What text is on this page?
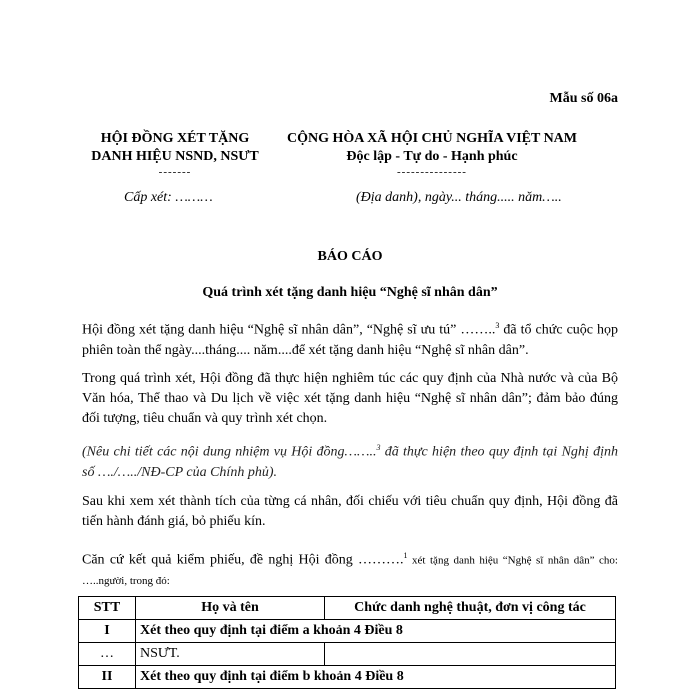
Mẫu số 06a
HỘI ĐỒNG XÉT TẶNG
DANH HIỆU NSND, NSƯT
-------
CỘNG HÒA XÃ HỘI CHỦ NGHĨA VIỆT NAM
Độc lập - Tự do - Hạnh phúc
---------------
Cấp xét: ………	(Địa danh), ngày... tháng..... năm…..
BÁO CÁO
Quá trình xét tặng danh hiệu “Nghệ sĩ nhân dân”
Hội đồng xét tặng danh hiệu “Nghệ sĩ nhân dân”, “Nghệ sĩ ưu tú” ……..$^3$ đã tổ chức cuộc họp phiên toàn thể ngày....tháng.... năm....để xét tặng danh hiệu “Nghệ sĩ nhân dân”.
Trong quá trình xét, Hội đồng đã thực hiện nghiêm túc các quy định của Nhà nước và của Bộ Văn hóa, Thể thao và Du lịch về việc xét tặng danh hiệu “Nghệ sĩ nhân dân”; đảm bảo đúng đối tượng, tiêu chuẩn và quy trình xét chọn.
(Nêu chi tiết các nội dung nhiệm vụ Hội đồng……..$^3$ đã thực hiện theo quy định tại Nghị định số …./…../NĐ-CP của Chính phủ).
Sau khi xem xét thành tích của từng cá nhân, đối chiếu với tiêu chuẩn quy định, Hội đồng đã tiến hành đánh giá, bỏ phiếu kín.
Căn cứ kết quả kiểm phiếu, đề nghị Hội đồng ……….$^1$ xét tặng danh hiệu “Nghệ sĩ nhân dân” cho: …..người, trong đó:
STT	Họ và tên	Chức danh nghệ thuật, đơn vị công tác
I	Xét theo quy định tại điểm a khoản 4 Điều 8	
…	NSƯT.	
II	Xét theo quy định tại điểm b khoản 4 Điều 8	
